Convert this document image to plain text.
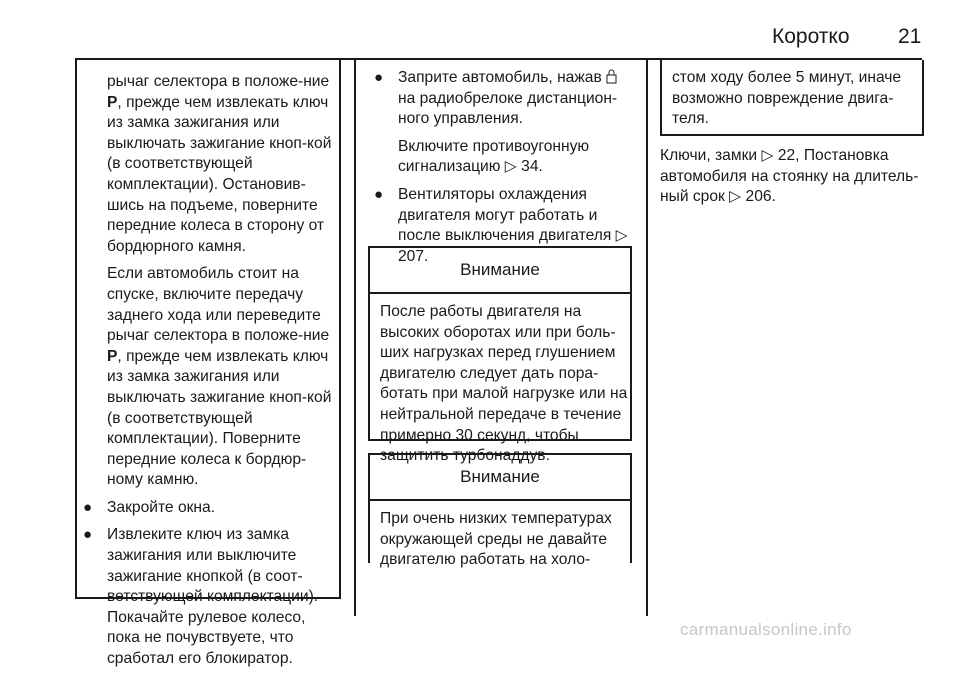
Коротко 21

рычаг селектора в положе-ние P, прежде чем извлекать ключ из замка зажигания или выключать зажигание кноп-кой (в соответствующей комплектации). Остановив-шись на подъеме, поверните передние колеса в сторону от бордюрного камня.

Если автомобиль стоит на спуске, включите передачу заднего хода или переведите рычаг селектора в положе-ние P, прежде чем извлекать ключ из замка зажигания или выключать зажигание кноп-кой (в соответствующей комплектации). Поверните передние колеса к бордюр-ному камню.

● Закройте окна.
● Извлеките ключ из замка зажигания или выключите зажигание кнопкой (в соот-ветствующей комплектации). Покачайте рулевое колесо, пока не почувствуете, что сработал его блокиратор.
● Заприте автомобиль, нажав  на радиобрелоке дистанцион-ного управления.
Включите противоугонную сигнализацию ▷ 34.
● Вентиляторы охлаждения двигателя могут работать и после выключения двигателя ▷ 207.
Внимание
После работы двигателя на высоких оборотах или при боль-ших нагрузках перед глушением двигателю следует дать пора-ботать при малой нагрузке или на нейтральной передаче в течение примерно 30 секунд, чтобы защитить турбонаддув.
Внимание
При очень низких температурах окружающей среды не давайте двигателю работать на холо-

стом ходу более 5 минут, иначе возможно повреждение двига-теля.

Ключи, замки ▷ 22, Постановка автомобиля на стоянку на длитель-ный срок ▷ 206.
carmanualsonline.info
